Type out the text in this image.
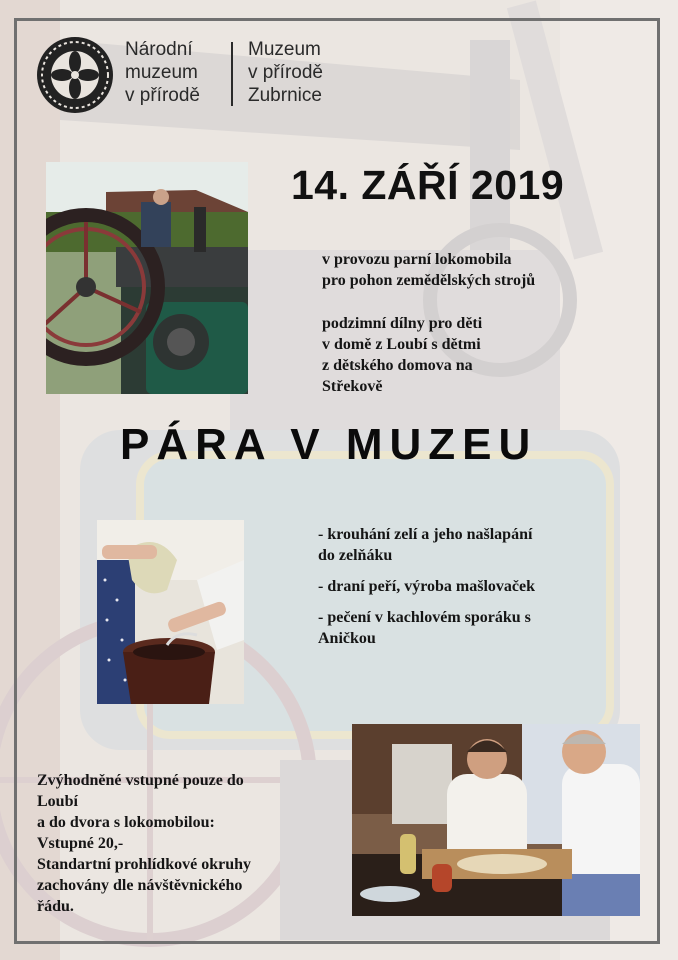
Národní
muzeum
v přírodě
Muzeum
v přírodě
Zubrnice
14. ZÁŘÍ 2019
v provozu parní lokomobila
pro pohon zemědělských strojů
podzimní dílny pro děti
v domě z Loubí s dětmi
z dětského domova na
Střekově
PÁRA V MUZEU
- krouhání zelí a jeho našlapání
do zelňáku
- draní peří, výroba mašlovaček
- pečení v kachlovém sporáku s
Aničkou
Zvýhodněné vstupné pouze do
Loubí
a do dvora s lokomobilou:
Vstupné 20,-
Standartní prohlídkové okruhy
zachovány dle návštěvnického
řádu.
